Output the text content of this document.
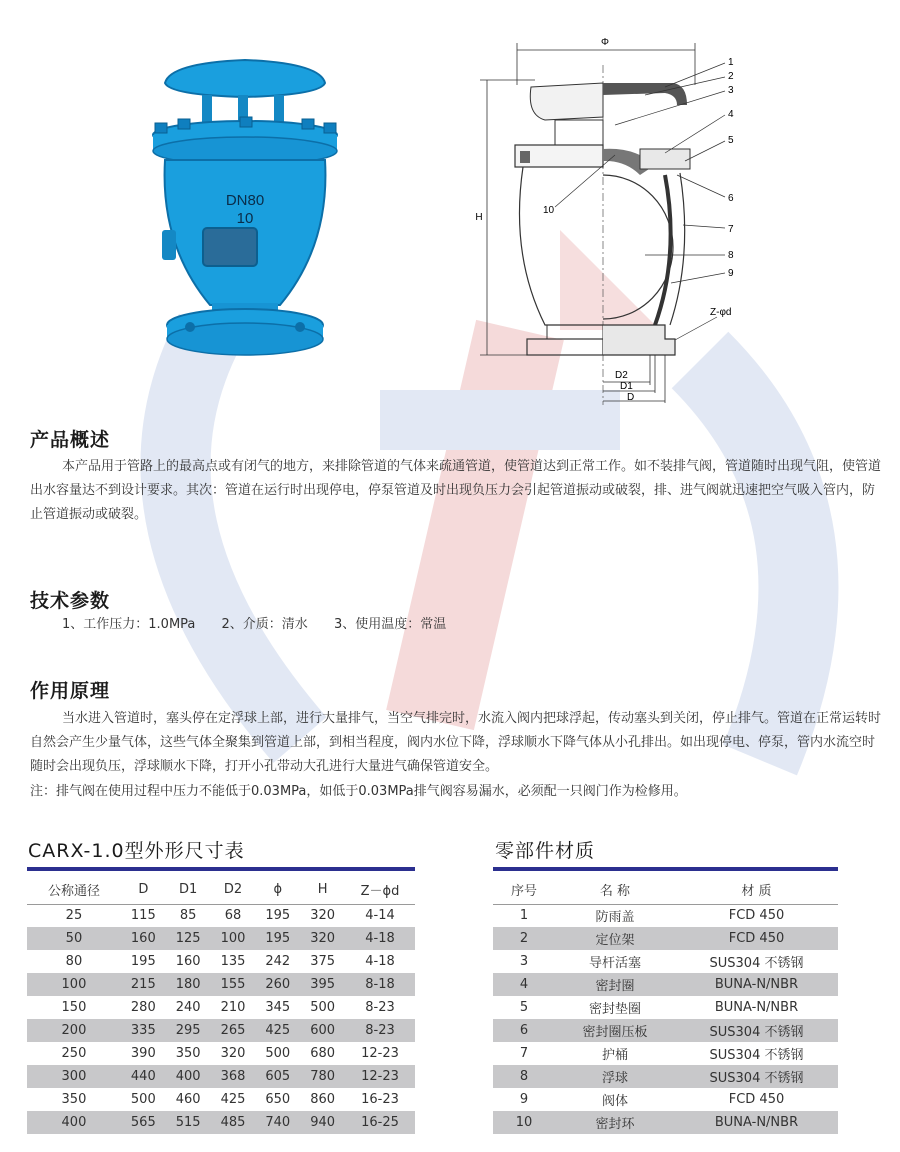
DN80
10
Φ
H
1
2
3
4
5
6
7
8
9
10
Z-φd
D2
D1
D
产品概述

本产品用于管路上的最高点或有闭气的地方，来排除管道的气体来疏通管道，使管道达到正常工作。如不装排气阀，管道随时出现气阻，使管道出水容量达不到设计要求。其次：管道在运行时出现停电，停泵管道及时出现负压力会引起管道振动或破裂，排、进气阀就迅速把空气吸入管内，防止管道振动或破裂。

技术参数
1、工作压力：1.0MPa 2、介质：清水 3、使用温度：常温
作用原理

当水进入管道时，塞头停在定浮球上部，进行大量排气，当空气排完时，水流入阀内把球浮起，传动塞头到关闭，停止排气。管道在正常运转时自然会产生少量气体，这些气体全聚集到管道上部，到相当程度，阀内水位下降，浮球顺水下降气体从小孔排出。如出现停电、停泵，管内水流空时随时会出现负压，浮球顺水下降，打开小孔带动大孔进行大量进气确保管道安全。

注：排气阀在使用过程中压力不能低于0.03MPa，如低于0.03MPa排气阀容易漏水，必须配一只阀门作为检修用。

CARX-1.0型外形尺寸表
公称通径	D	D1	D2	ϕ	H	Z－ϕd
25	115	85	68	195	320	4-14
50	160	125	100	195	320	4-18
80	195	160	135	242	375	4-18
100	215	180	155	260	395	8-18
150	280	240	210	345	500	8-23
200	335	295	265	425	600	8-23
250	390	350	320	500	680	12-23
300	440	400	368	605	780	12-23
350	500	460	425	650	860	16-23
400	565	515	485	740	940	16-25
零部件材质
序号	名 称	材 质
1	防雨盖	FCD 450
2	定位架	FCD 450
3	导杆活塞	SUS304 不锈钢
4	密封圈	BUNA-N/NBR
5	密封垫圈	BUNA-N/NBR
6	密封圈压板	SUS304 不锈钢
7	护桶	SUS304 不锈钢
8	浮球	SUS304 不锈钢
9	阀体	FCD 450
10	密封环	BUNA-N/NBR
